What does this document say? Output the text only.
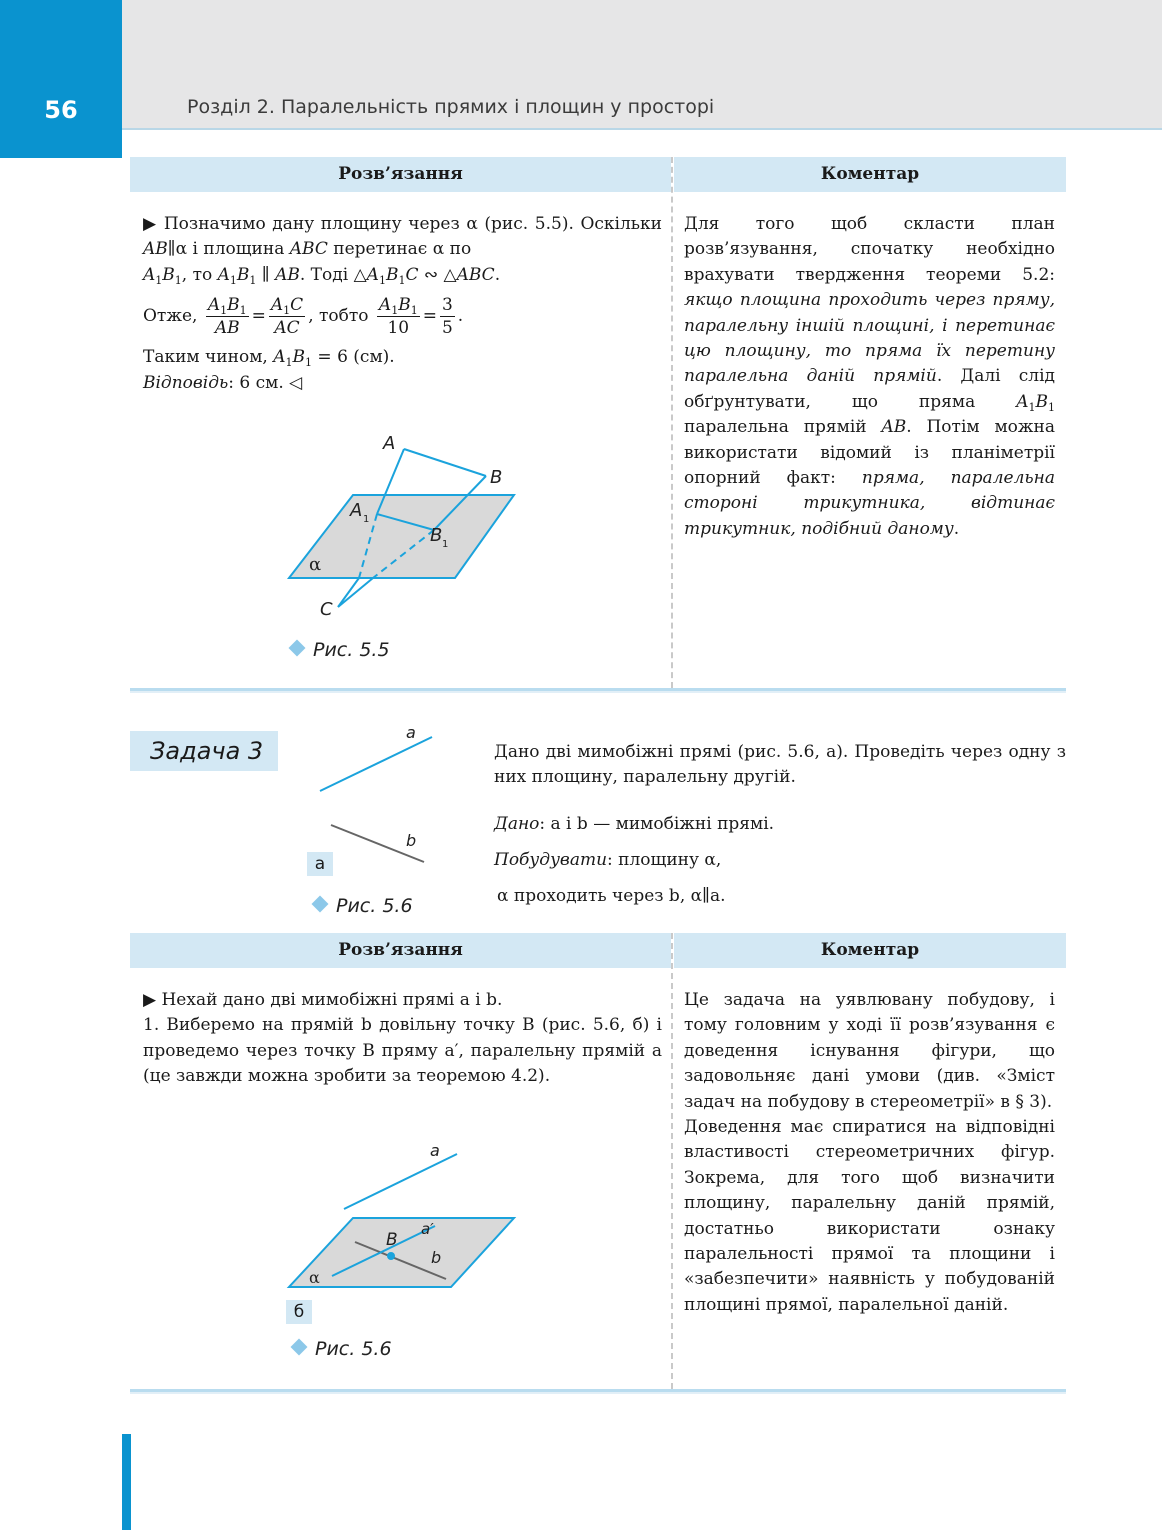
56	Розділ 2. Паралельність прямих і площин у просторі
Розв’язання	Коментар
▶ Позначимо дану площину через α (рис. 5.5). Оскільки AB∥α і площина ABC перетинає α по
$A_1B_1$, то $A_1B_1$ ∥ AB. Тоді $\triangle A_1B_1C$ ∾ △ABC.
Отже, $\frac{A_1B_1}{AB} = \frac{A_1C}{AC}$ , тобто $\frac{A_1B_1}{10} = \frac{3}{5}$ .
Таким чином, $A_1B_1 = 6$ (см).
Відповідь: 6 см. ◁
Для того щоб скласти план розв’язування, спочатку необхідно врахувати твердження теореми 5.2: якщо площина проходить через пряму, паралельну іншій площині, і перетинає цю площину, то пряма їх перетину паралельна даній прямій. Далі слід обґрунтувати, що пряма $A_1B_1$ паралельна прямій AB. Потім можна використати відомий із планіметрії опорний факт: пряма, паралельна стороні трикутника, відтинає трикутник, подібний даному.
A
B
A 1
B 1
C
α
Рис. 5.5
Задача 3
a
b
а
Рис. 5.6
Дано дві мимобіжні прямі (рис. 5.6, а). Проведіть через одну з них площину, паралельну другій.
Дано: a і b — мимобіжні прямі.
Побудувати: площину α,
α проходить через b, α∥a.
Розв’язання	Коментар
▶ Нехай дано дві мимобіжні прямі a і b.
1. Виберемо на прямій b довільну точку B (рис. 5.6, б) і проведемо через точку B пряму a′, паралельну прямій a (це завжди можна зробити за теоремою 4.2).
Це задача на уявлювану побудову, і тому головним у ході її розв’язування є доведення існування фігури, що задовольняє дані умови (див. «Зміст задач на побудову в стереометрії» в § 3).
Доведення має спиратися на відповідні властивості стереометричних фігур. Зокрема, для того щоб визначити площину, паралельну даній прямій, достатньо використати ознаку паралельності прямої та площини і «забезпечити» наявність у побудованій площині прямої, паралельної даній.
a
a′
B
b
α
б
Рис. 5.6
